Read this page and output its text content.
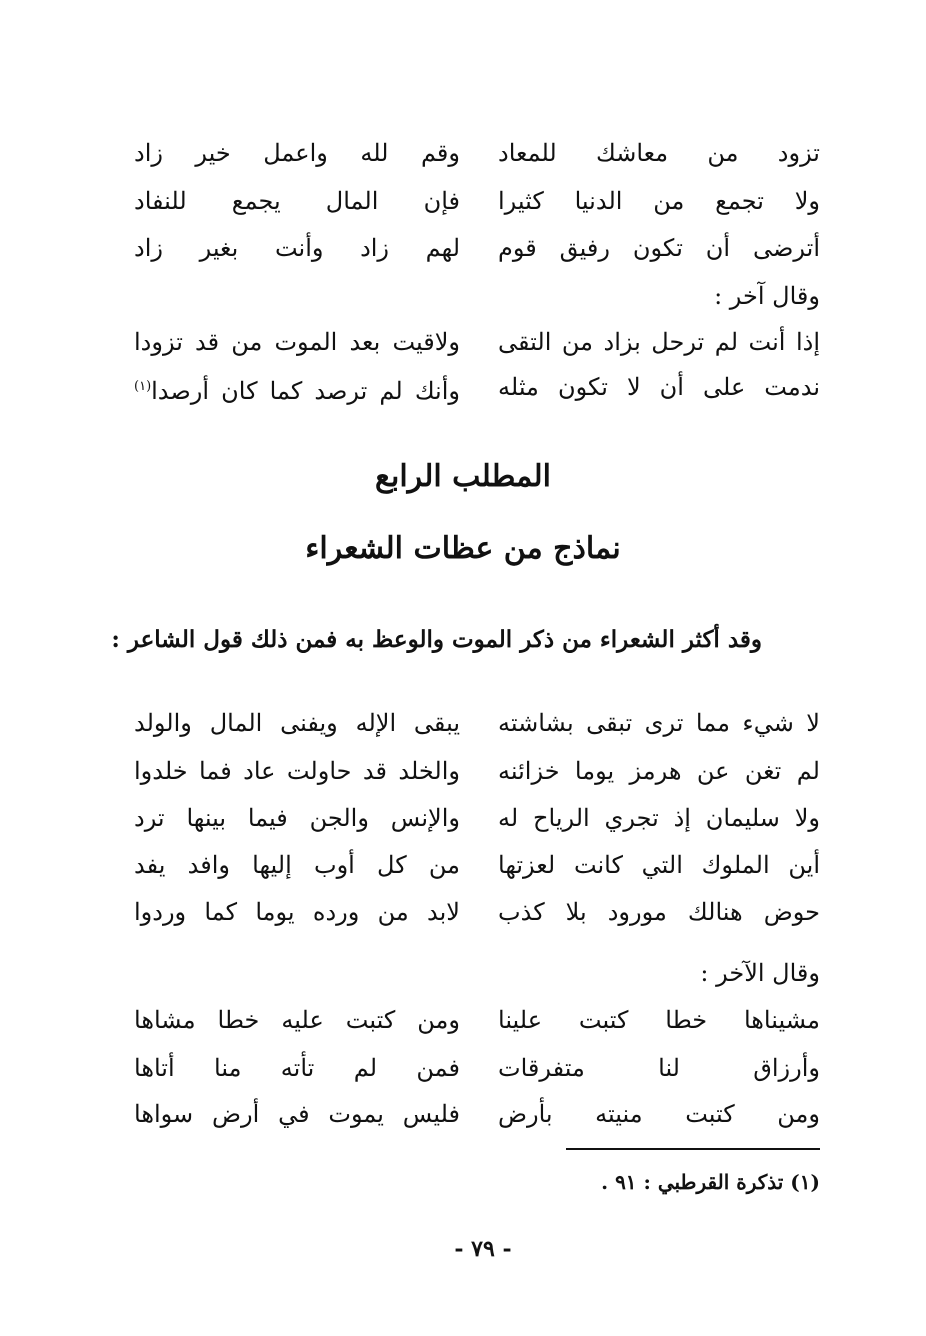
تزود من معاشك للمعاد
وقم لله واعمل خير زاد
ولا تجمع من الدنيا كثيرا
فإن المال يجمع للنفاد
أترضى أن تكون رفيق قوم
لهم زاد وأنت بغير زاد
وقال آخر :
إذا أنت لم ترحل بزاد من التقى
ولاقيت بعد الموت من قد تزودا
ندمت على أن لا تكون مثله
وأنك لم ترصد كما كان أرصدا$^{(١)}$
المطلب الرابع
نماذج من عظات الشعراء
وقد أكثر الشعراء من ذكر الموت والوعظ به فمن ذلك قول الشاعر :
لا شيء مما ترى تبقى بشاشته
يبقى الإله ويفنى المال والولد
لم تغن عن هرمز يوما خزائنه
والخلد قد حاولت عاد فما خلدوا
ولا سليمان إذ تجري الرياح له
والإنس والجن فيما بينها ترد
أين الملوك التي كانت لعزتها
من كل أوب إليها وافد يفد
حوض هنالك مورود بلا كذب
لابد من ورده يوما كما وردوا
وقال الآخر :
مشيناها خطا كتبت علينا
ومن كتبت عليه خطا مشاها
وأرزاق لنا متفرقات
فمن لم تأته منا أتاها
ومن كتبت منيته بأرض
فليس يموت في أرض سواها
(١) تذكرة القرطبي : ٩١ .
- ٧٩ -
